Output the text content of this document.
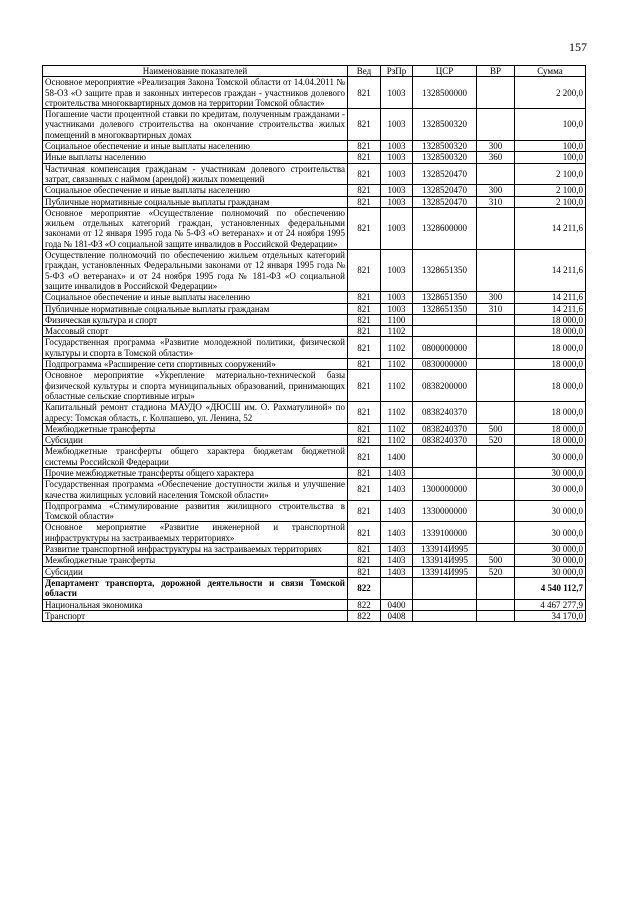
157
Наименование показателей	Вед	РзПр	ЦСР	ВР	Сумма
Основное мероприятие «Реализация Закона Томской области от 14.04.2011 № 58-ОЗ «О защите прав и законных интересов граждан - участников долевого строительства многоквартирных домов на территории Томской области»	821	1003	1328500000		2 200,0
Погашение части процентной ставки по кредитам, полученным гражданами - участниками долевого строительства на окончание строительства жилых помещений в многоквартирных домах	821	1003	1328500320		100,0
Социальное обеспечение и иные выплаты населению	821	1003	1328500320	300	100,0
Иные выплаты населению	821	1003	1328500320	360	100,0
Частичная компенсация гражданам - участникам долевого строительства затрат, связанных с наймом (арендой) жилых помещений	821	1003	1328520470		2 100,0
Социальное обеспечение и иные выплаты населению	821	1003	1328520470	300	2 100,0
Публичные нормативные социальные выплаты гражданам	821	1003	1328520470	310	2 100,0
Основное мероприятие «Осуществление полномочий по обеспечению жильем отдельных категорий граждан, установленных федеральными законами от 12 января 1995 года № 5-ФЗ «О ветеранах» и от 24 ноября 1995 года № 181-ФЗ «О социальной защите инвалидов в Российской Федерации»	821	1003	1328600000		14 211,6
Осуществление полномочий по обеспечению жильем отдельных категорий граждан, установленных Федеральными законами от 12 января 1995 года № 5-ФЗ «О ветеранах» и от 24 ноября 1995 года № 181-ФЗ «О социальной защите инвалидов в Российской Федерации»	821	1003	1328651350		14 211,6
Социальное обеспечение и иные выплаты населению	821	1003	1328651350	300	14 211,6
Публичные нормативные социальные выплаты гражданам	821	1003	1328651350	310	14 211,6
Физическая культура и спорт	821	1100			18 000,0
Массовый спорт	821	1102			18 000,0
Государственная программа «Развитие молодежной политики, физической культуры и спорта в Томской области»	821	1102	0800000000		18 000,0
Подпрограмма «Расширение сети спортивных сооружений»	821	1102	0830000000		18 000,0
Основное мероприятие «Укрепление материально-технической базы физической культуры и спорта муниципальных образований, принимающих областные сельские спортивные игры»	821	1102	0838200000		18 000,0
Капитальный ремонт стадиона МАУДО «ДЮСШ им. О. Рахматулиной» по адресу: Томская область, г. Колпашево, ул. Ленина, 52	821	1102	0838240370		18 000,0
Межбюджетные трансферты	821	1102	0838240370	500	18 000,0
Субсидии	821	1102	0838240370	520	18 000,0
Межбюджетные трансферты общего характера бюджетам бюджетной системы Российской Федерации	821	1400			30 000,0
Прочие межбюджетные трансферты общего характера	821	1403			30 000,0
Государственная программа «Обеспечение доступности жилья и улучшение качества жилищных условий населения Томской области»	821	1403	1300000000		30 000,0
Подпрограмма «Стимулирование развития жилищного строительства в Томской области»	821	1403	1330000000		30 000,0
Основное мероприятие «Развитие инженерной и транспортной инфраструктуры на застраиваемых территориях»	821	1403	1339100000		30 000,0
Развитие транспортной инфраструктуры на застраиваемых территориях	821	1403	133914И995		30 000,0
Межбюджетные трансферты	821	1403	133914И995	500	30 000,0
Субсидии	821	1403	133914И995	520	30 000,0
Департамент транспорта, дорожной деятельности и связи Томской области	822				4 540 112,7
Национальная экономика	822	0400			4 467 277,9
Транспорт	822	0408			34 170,0
